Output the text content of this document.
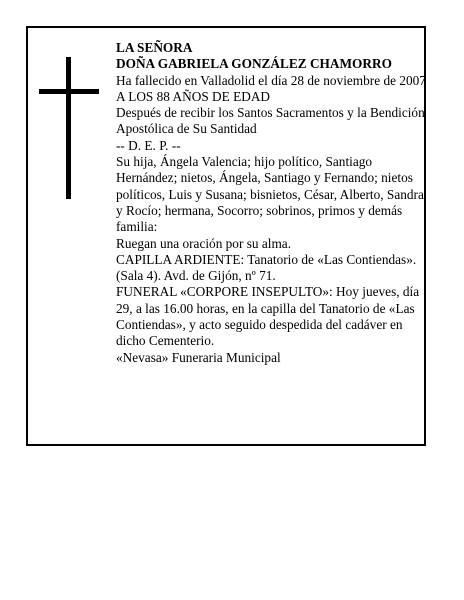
LA SEÑORA

DOÑA GABRIELA GONZÁLEZ CHAMORRO

Ha fallecido en Valladolid el día 28 de noviembre de 2007

A LOS 88 AÑOS DE EDAD

Después de recibir los Santos Sacramentos y la Bendición Apostólica de Su Santidad

-- D. E. P. --

Su hija, Ángela Valencia; hijo político, Santiago Hernández; nietos, Ángela, Santiago y Fernando; nietos políticos, Luis y Susana; bisnietos, César, Alberto, Sandra y Rocío; hermana, Socorro; sobrinos, primos y demás familia:

Ruegan una oración por su alma.

CAPILLA ARDIENTE: Tanatorio de «Las Contiendas». (Sala 4). Avd. de Gijón, nº 71.

FUNERAL «CORPORE INSEPULTO»: Hoy jueves, día 29, a las 16.00 horas, en la capilla del Tanatorio de «Las Contiendas», y acto seguido despedida del cadáver en dicho Cementerio.

«Nevasa» Funeraria Municipal
